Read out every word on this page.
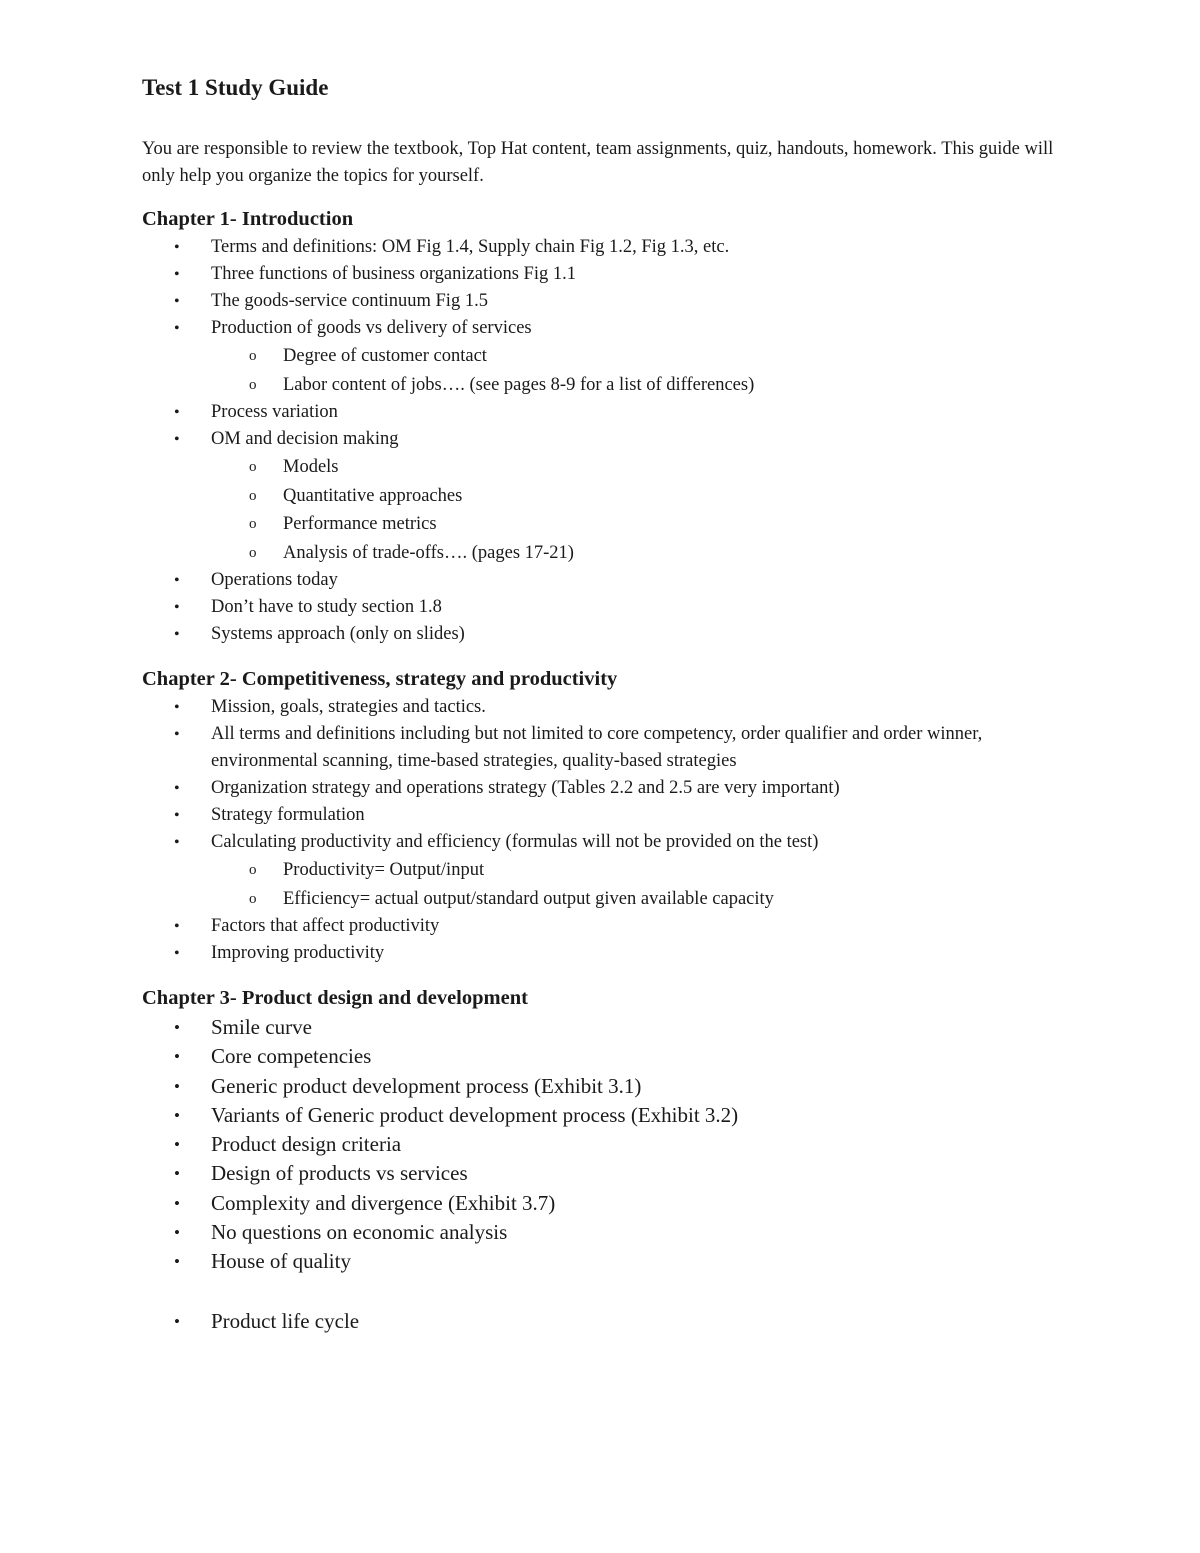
Test 1 Study Guide

You are responsible to review the textbook, Top Hat content, team assignments, quiz, handouts, homework. This guide will only help you organize the topics for yourself.

Chapter 1- Introduction
•	Terms and definitions: OM Fig 1.4, Supply chain Fig 1.2, Fig 1.3, etc.
•	Three functions of business organizations Fig 1.1
•	The goods-service continuum Fig 1.5
•	Production of goods vs delivery of services
o Degree of customer contact
o Labor content of jobs…. (see pages 8-9 for a list of differences)
•	Process variation
•	OM and decision making
o Models
o Quantitative approaches
o Performance metrics
o Analysis of trade-offs…. (pages 17-21)
•	Operations today
•	Don’t have to study section 1.8
•	Systems approach (only on slides)
Chapter 2- Competitiveness, strategy and productivity
•	Mission, goals, strategies and tactics.
•	All terms and definitions including but not limited to core competency, order qualifier and order winner, environmental scanning, time-based strategies, quality-based strategies
•	Organization strategy and operations strategy (Tables 2.2 and 2.5 are very important)
•	Strategy formulation
•	Calculating productivity and efficiency (formulas will not be provided on the test)
o Productivity= Output/input
o Efficiency= actual output/standard output given available capacity
•	Factors that affect productivity
•	Improving productivity
Chapter 3- Product design and development
•	Smile curve
•	Core competencies
•	Generic product development process (Exhibit 3.1)
•	Variants of Generic product development process (Exhibit 3.2)
•	Product design criteria
•	Design of products vs services
•	Complexity and divergence (Exhibit 3.7)
•	No questions on economic analysis
•	House of quality
•	Product life cycle
